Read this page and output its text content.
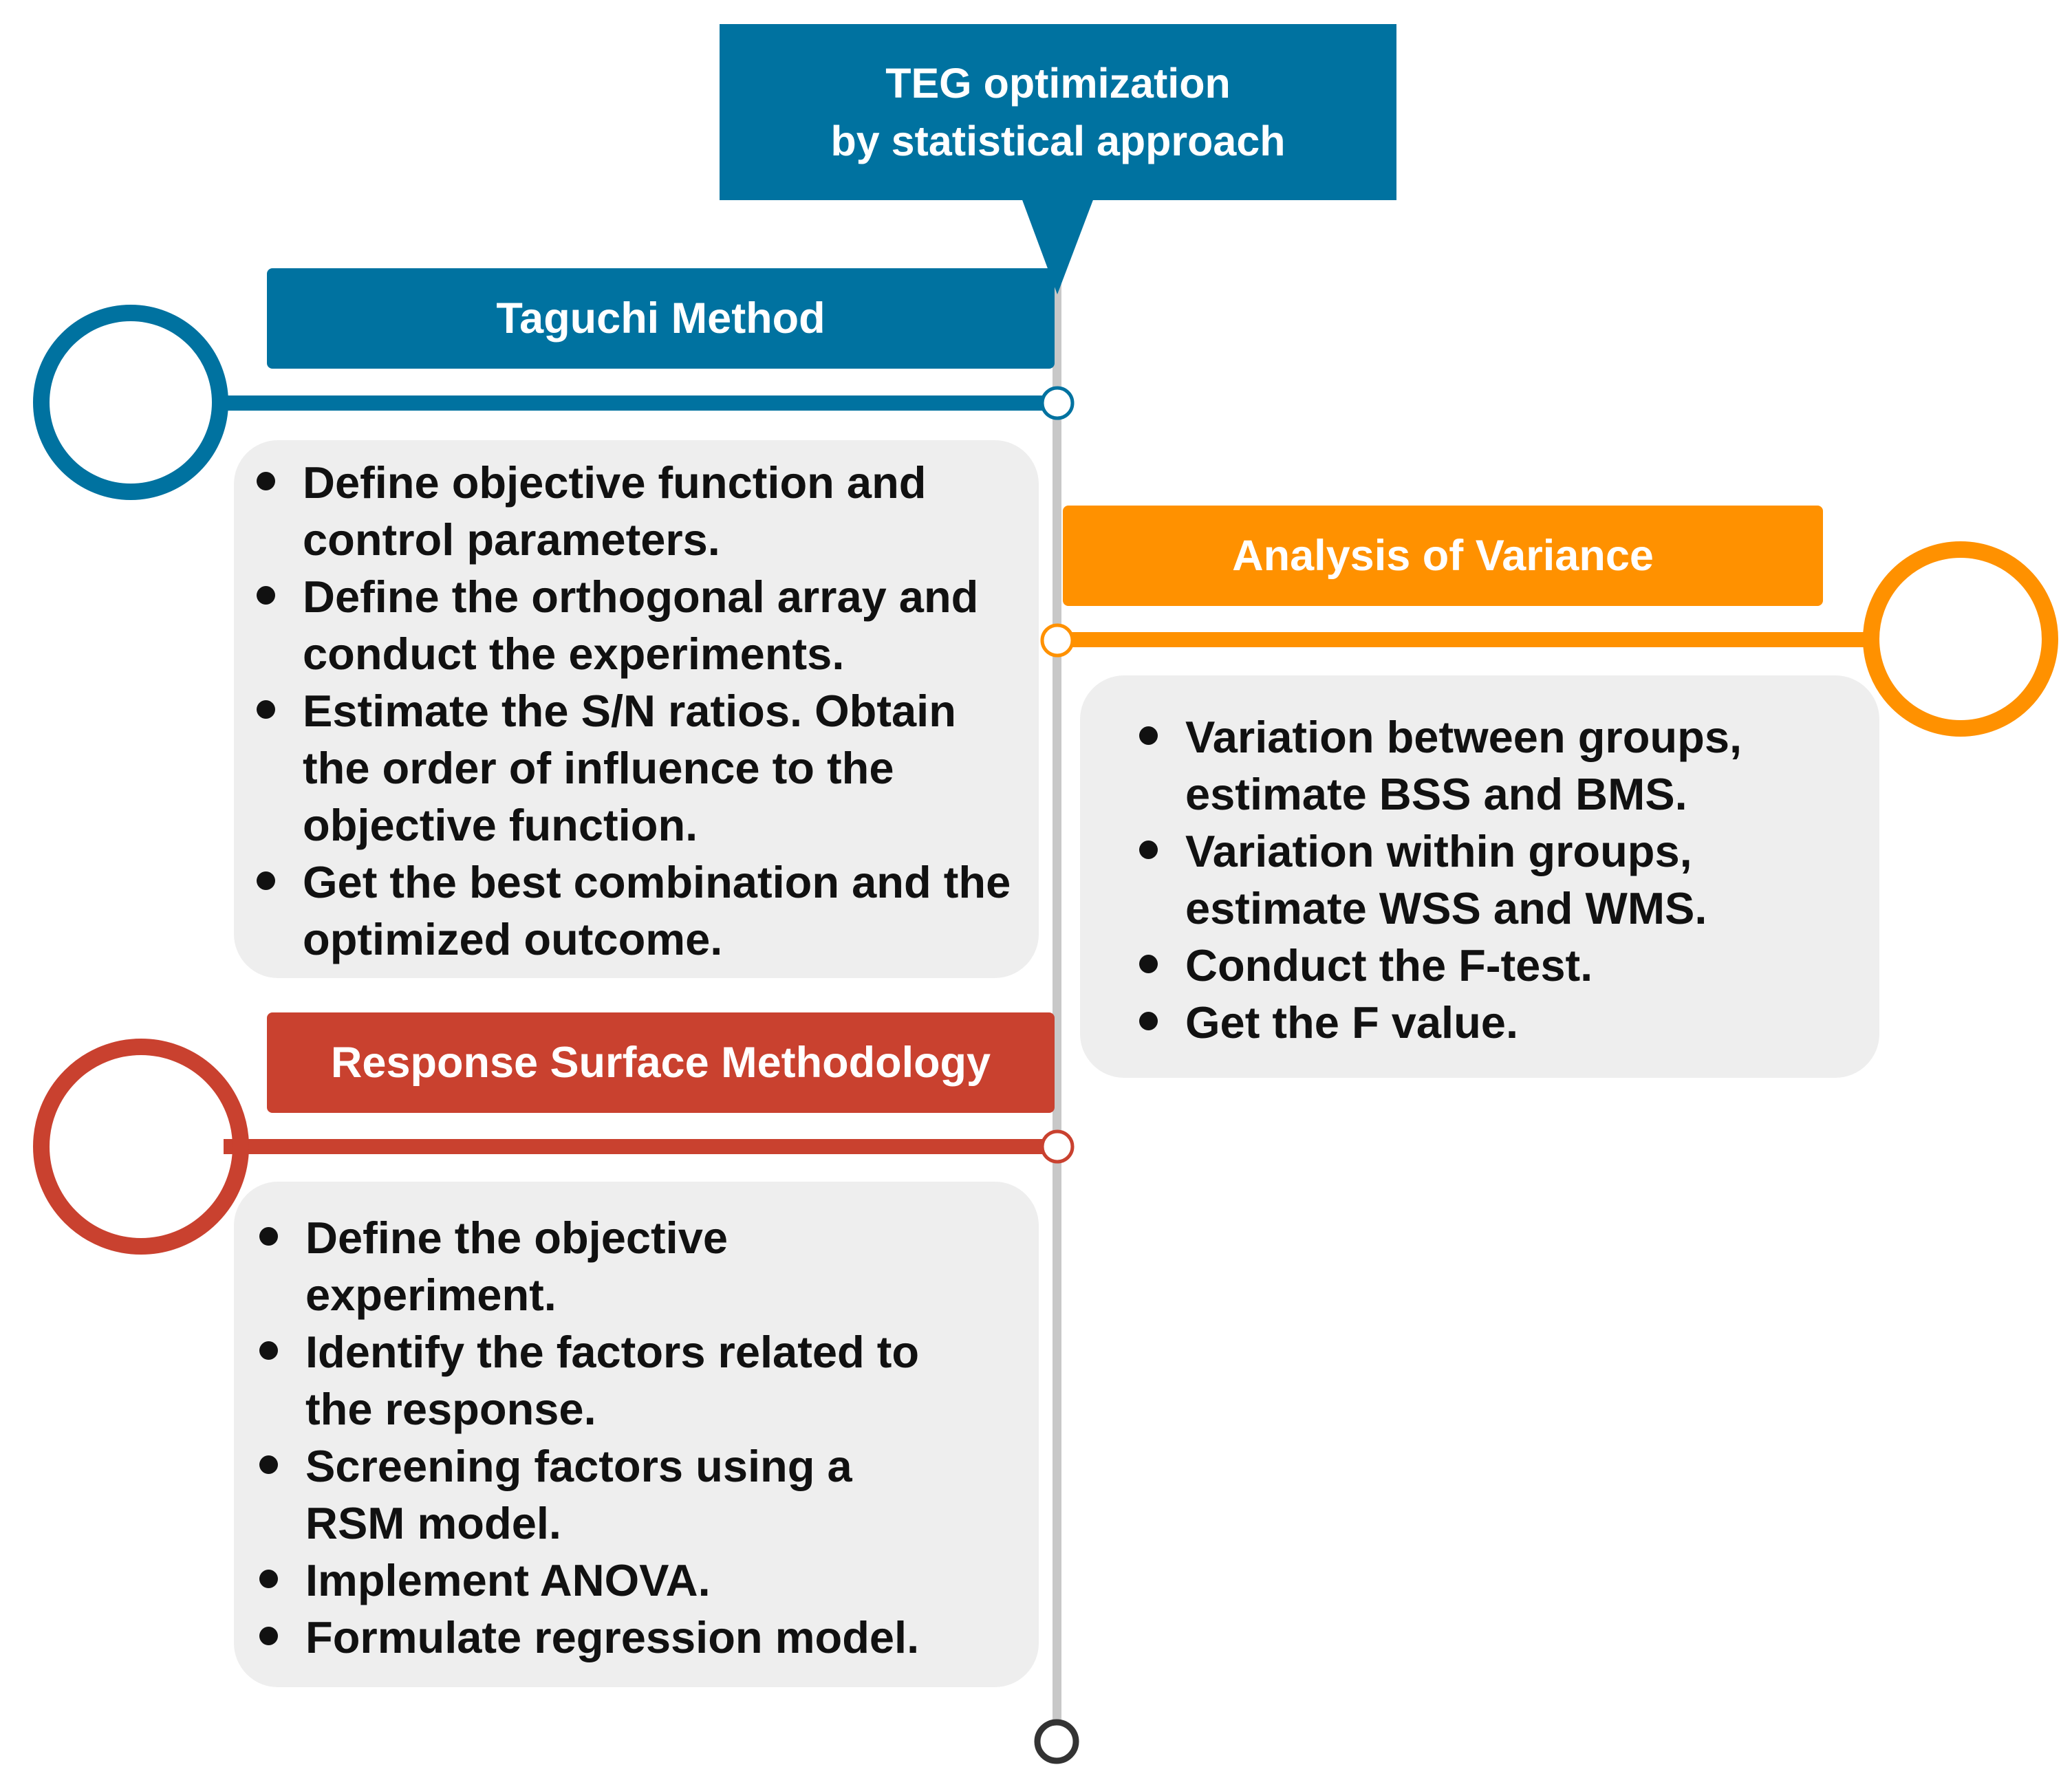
TEG optimization
by statistical approach
Taguchi Method
Define objective function and control parameters.
Define the orthogonal array and conduct the experiments.
Estimate the S/N ratios. Obtain the order of influence to the objective function.
Get the best combination and the optimized outcome.
Analysis of Variance
Variation between groups, estimate BSS and BMS.
Variation within groups, estimate WSS and WMS.
Conduct the F-test.
Get the F value.
Response Surface Methodology
Define the objective experiment.
Identify the factors related to the response.
Screening factors using a RSM model.
Implement ANOVA.
Formulate regression model.
